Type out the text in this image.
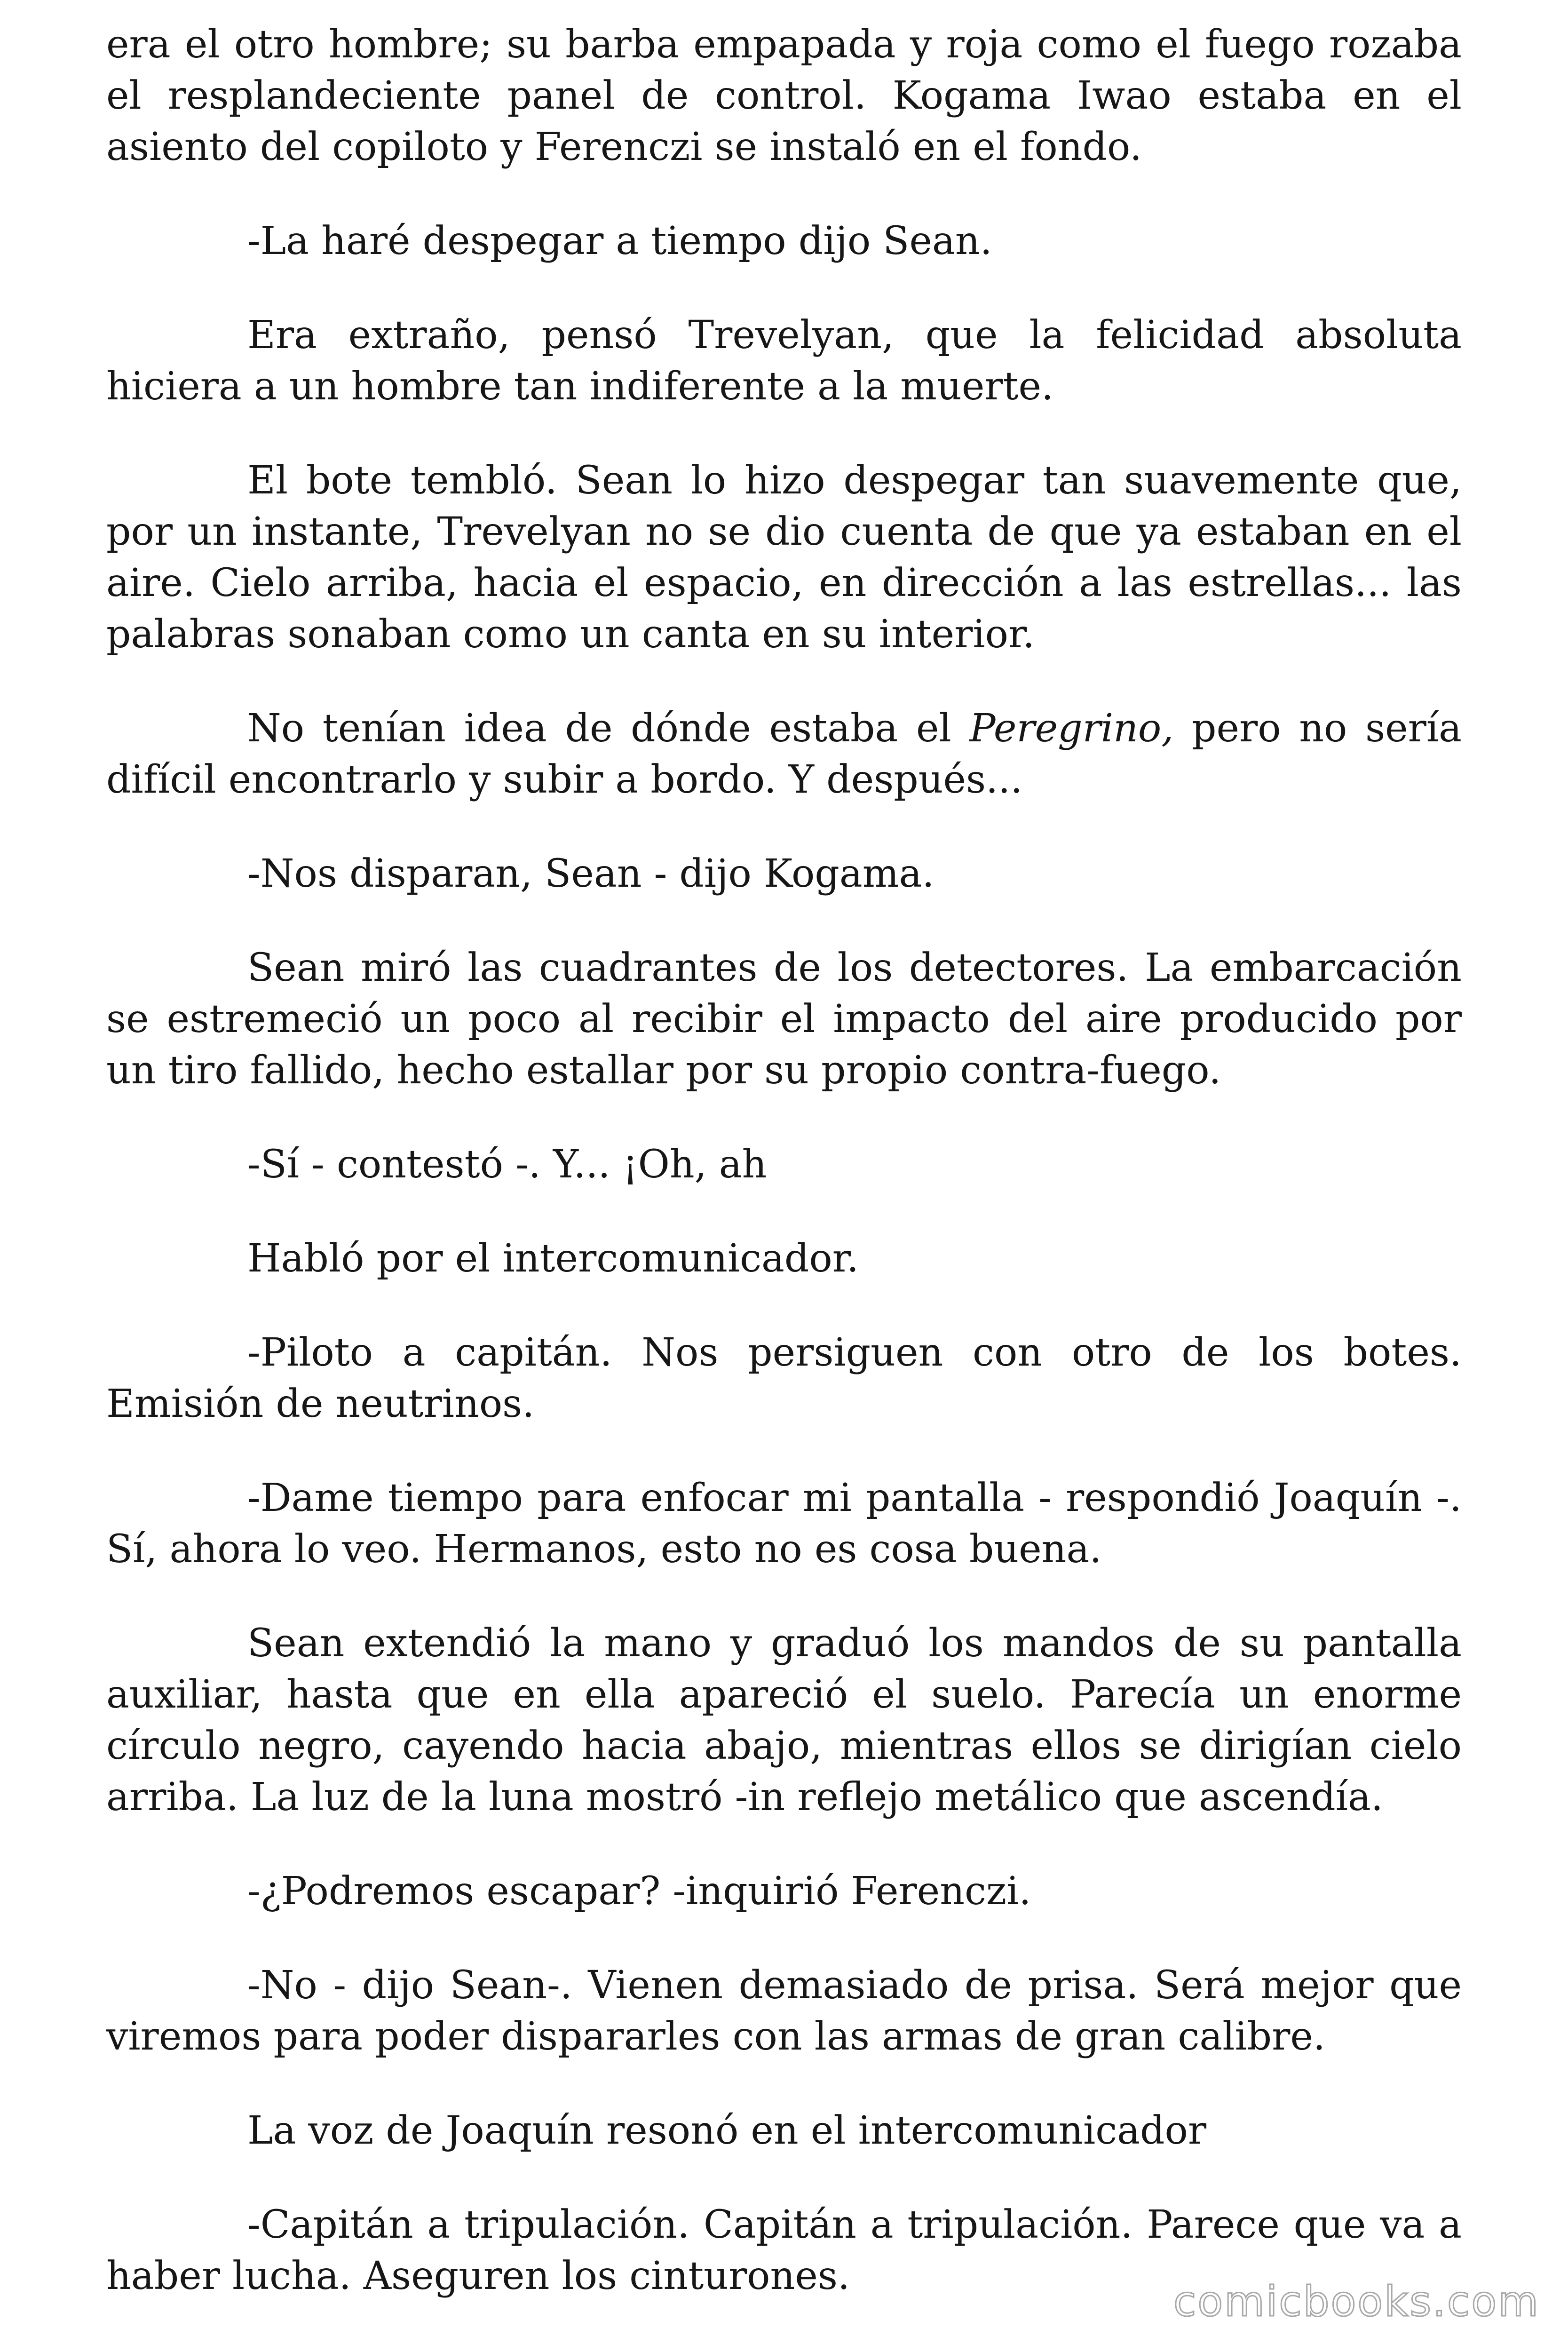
era el otro hombre; su barba empapada y roja como el fuego rozaba el resplandeciente panel de control. Kogama Iwao estaba en el asiento del copiloto y Ferenczi se instaló en el fondo.

-La haré despegar a tiempo dijo Sean.

Era extraño, pensó Trevelyan, que la felicidad absoluta hiciera a un hombre tan indiferente a la muerte.

El bote tembló. Sean lo hizo despegar tan suavemente que, por un instante, Trevelyan no se dio cuenta de que ya estaban en el aire. Cielo arriba, hacia el espacio, en dirección a las estrellas... las palabras sonaban como un canta en su interior.

No tenían idea de dónde estaba el Peregrino, pero no sería difícil encontrarlo y subir a bordo. Y después...

-Nos disparan, Sean - dijo Kogama.

Sean miró las cuadrantes de los detectores. La embarcación se estremeció un poco al recibir el impacto del aire producido por un tiro fallido, hecho estallar por su propio contra-fuego.

-Sí - contestó -. Y... ¡Oh, ah

Habló por el intercomunicador.

-Piloto a capitán. Nos persiguen con otro de los botes. Emisión de neutrinos.

-Dame tiempo para enfocar mi pantalla - respondió Joaquín -. Sí, ahora lo veo. Hermanos, esto no es cosa buena.

Sean extendió la mano y graduó los mandos de su pantalla auxiliar, hasta que en ella apareció el suelo. Parecía un enorme círculo negro, cayendo hacia abajo, mientras ellos se dirigían cielo arriba. La luz de la luna mostró -in reflejo metálico que ascendía.

-¿Podremos escapar? -inquirió Ferenczi.

-No - dijo Sean-. Vienen demasiado de prisa. Será mejor que viremos para poder dispararles con las armas de gran calibre.

La voz de Joaquín resonó en el intercomunicador

-Capitán a tripulación. Capitán a tripulación. Parece que va a haber lucha. Aseguren los cinturones.

comicbooks.com
